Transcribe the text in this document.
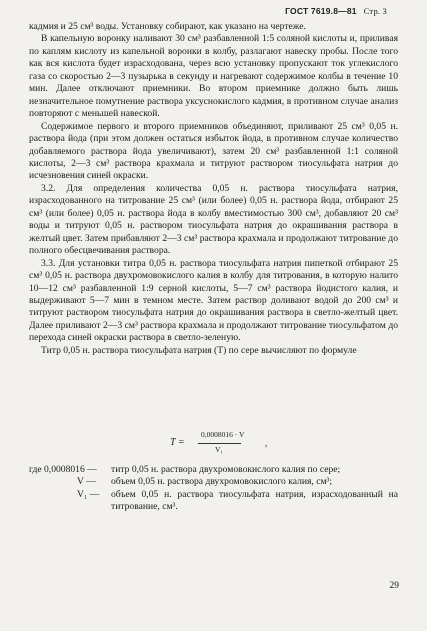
ГОСТ 7619.8—81 Стр. 3

кадмия и 25 см³ воды. Установку собирают, как указано на чертеже.

В капельную воронку наливают 30 см³ разбавленной 1:5 соляной кислоты и, приливая по каплям кислоту из капельной воронки в колбу, разлагают навеску пробы. После того как вся кислота будет израсходована, через всю установку пропускают ток углекислого газа со скоростью 2—3 пузырька в секунду и нагревают содержимое колбы в течение 10 мин. Далее отключают приемники. Во втором приемнике должно быть лишь незначительное помутнение раствора уксуснокислого кадмия, в противном случае анализ повторяют с меньшей навеской.

Содержимое первого и второго приемников объединяют, приливают 25 см³ 0,05 н. раствора йода (при этом должен остаться избыток йода, в противном случае количество добавляемого раствора йода увеличивают), затем 20 см³ разбавленной 1:1 соляной кислоты, 2—3 см³ раствора крахмала и титруют раствором тиосульфата натрия до исчезновения синей окраски.

3.2. Для определения количества 0,05 н. раствора тиосульфата натрия, израсходованного на титрование 25 см³ (или более) 0,05 н. раствора йода, отбирают 25 см³ (или более) 0,05 н. раствора йода в колбу вместимостью 300 см³, добавляют 20 см³ воды и титруют 0,05 н. раствором тиосульфата натрия до окрашивания раствора в желтый цвет. Затем прибавляют 2—3 см³ раствора крахмала и продолжают титрование до полного обесцвечивания раствора.

3.3. Для установки титра 0,05 н. раствора тиосульфата натрия пипеткой отбирают 25 см³ 0,05 н. раствора двухромовокислого калия в колбу для титрования, в которую налито 10—12 см³ разбавленной 1:9 серной кислоты, 5—7 см³ раствора йодистого калия, и выдерживают 5—7 мин в темном месте. Затем раствор доливают водой до 200 см³ и титруют раствором тиосульфата натрия до окрашивания раствора в светло-желтый цвет. Далее приливают 2—3 см³ раствора крахмала и продолжают титрование тиосульфатом до перехода синей окраски раствора в светло-зеленую.

Титр 0,05 н. раствора тиосульфата натрия (T) по сере вычисляют по формуле

T =
0,0008016 · V
V₁
,
где 0,0008016 — титр 0,05 н. раствора двухромовокислого калия по сере;
V — объем 0,05 н. раствора двухромовокислого калия, см³;
V₁ — объем 0,05 н. раствора тиосульфата натрия, израсходованный на титрование, см³.
29
